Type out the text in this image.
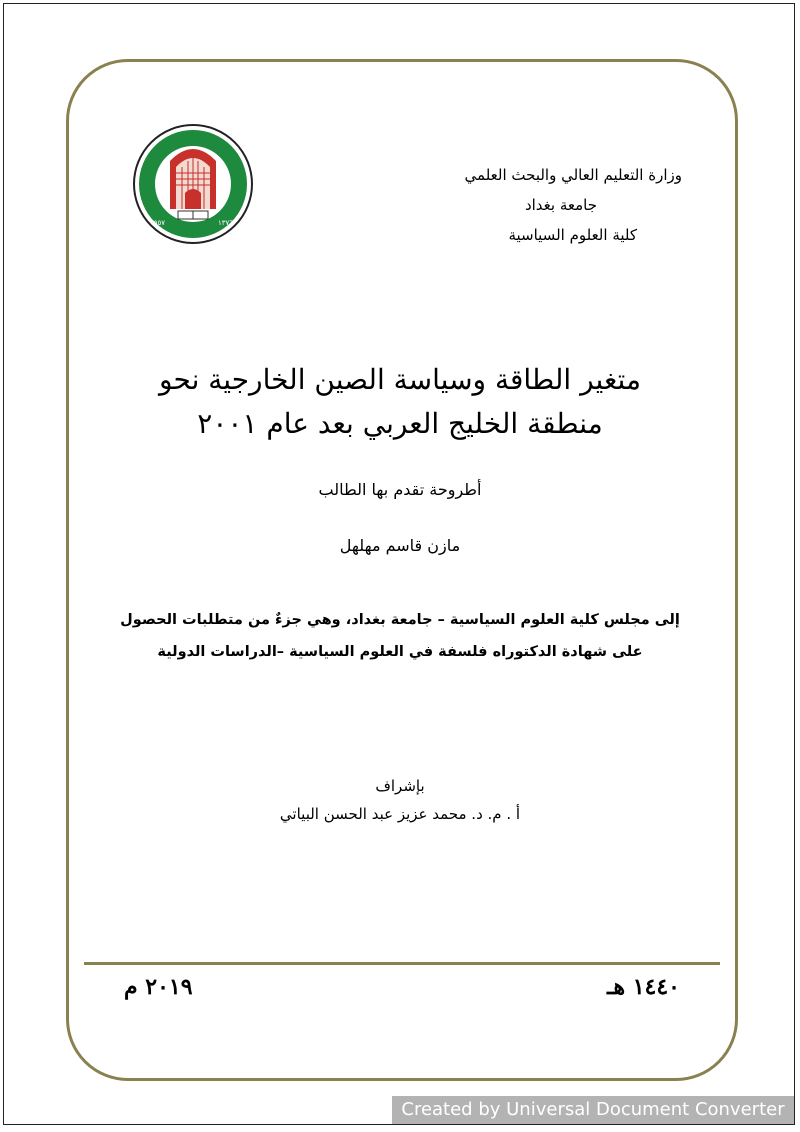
١٩٥٧	١٣٧٦
وزارة التعليم العالي والبحث العلمي
جامعة بغداد
كلية العلوم السياسية
متغير الطاقة وسياسة الصين الخارجية نحو
منطقة الخليج العربي بعد عام ٢٠٠١
أطروحة تقدم بها الطالب
مازن قاسم مهلهل
إلى مجلس كلية العلوم السياسية – جامعة بغداد، وهي جزءٌ من متطلبات الحصول
على شهادة الدكتوراه فلسفة في العلوم السياسية –الدراسات الدولية
بإشراف
أ . م. د. محمد عزيز عبد الحسن البياتي
١٤٤٠ هـ
٢٠١٩ م
Created by Universal Document Converter
